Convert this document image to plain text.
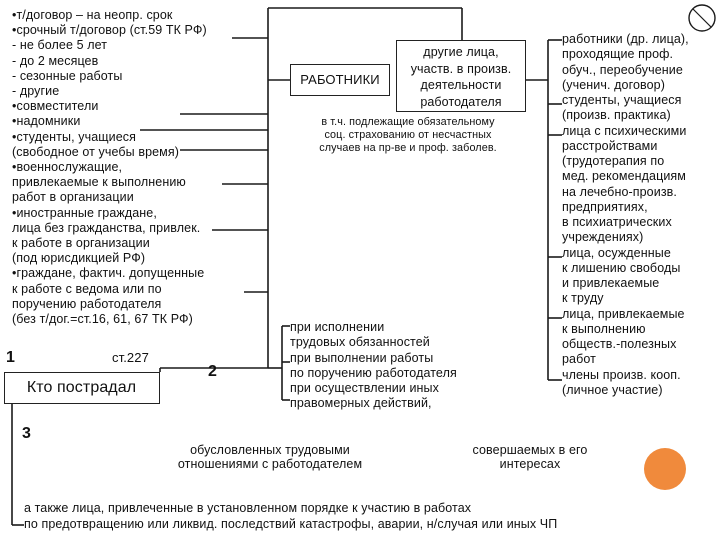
•т/договор – на неопр. срок
•срочный т/договор (ст.59 ТК РФ)
- не более 5 лет
- до 2 месяцев
- сезонные работы
- другие
•совместители
•надомники
•студенты, учащиеся
(свободное от учебы время)
•военнослужащие,
привлекаемые к выполнению
работ в организации
•иностранные граждане,
лица без гражданства, привлек.
к работе в организации
(под юрисдикцией РФ)
•граждане, фактич. допущенные
к работе с ведома или по
поручению работодателя
(без т/дог.=ст.16, 61, 67 ТК РФ)
РАБОТНИКИ
другие лица,
участв. в произв.
деятельности
работодателя
в т.ч. подлежащие обязательному
соц. страхованию от несчастных
случаев на пр-ве и проф. заболев.
работники (др. лица),
проходящие проф.
обуч., переобучение
(ученич. договор)
студенты, учащиеся
(произв. практика)
лица с психическими
расстройствами
(трудотерапия по
мед. рекомендациям
на лечебно-произв.
предприятиях,
в психиатрических
учреждениях)
лица, осужденные
к лишению свободы
и привлекаемые
к труду
лица, привлекаемые
к выполнению
обществ.-полезных
работ
члены произв. кооп.
(личное участие)
1	ст.227
2
3
Кто пострадал
при исполнении
трудовых обязанностей
при выполнении работы
по поручению работодателя
при осуществлении иных
правомерных действий,
обусловленных трудовыми
отношениями с работодателем
совершаемых в его
интересах
а также лица, привлеченные в установленном порядке к участию в работах
по предотвращению или ликвид. последствий катастрофы, аварии, н/случая или иных ЧП
